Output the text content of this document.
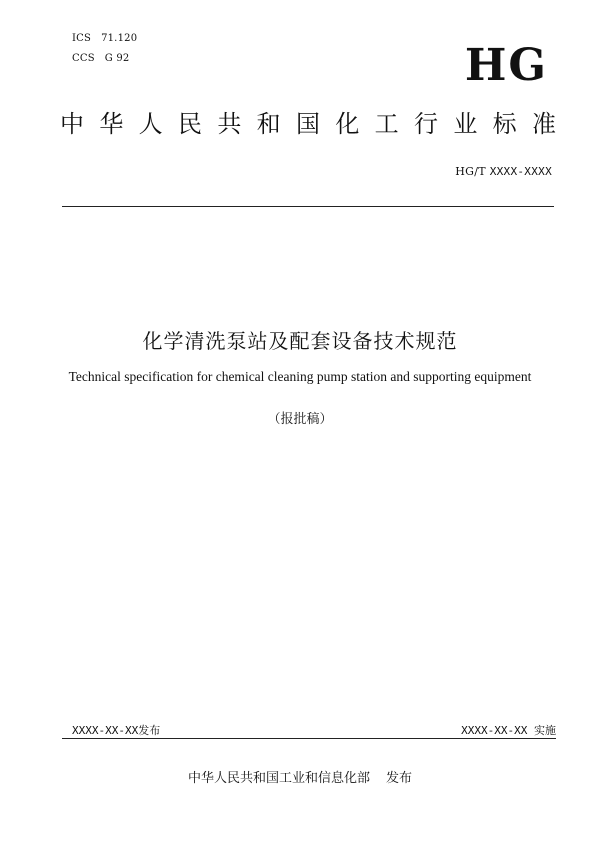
ICS 71.120
CCS G 92	HG
中华人民共和国化工行业标准
HG/T XXXX-XXXX
化学清洗泵站及配套设备技术规范
Technical specification for chemical cleaning pump station and supporting equipment
（报批稿）
XXXX-XX-XX发布	XXXX-XX-XX 实施
中华人民共和国工业和信息化部 发布
